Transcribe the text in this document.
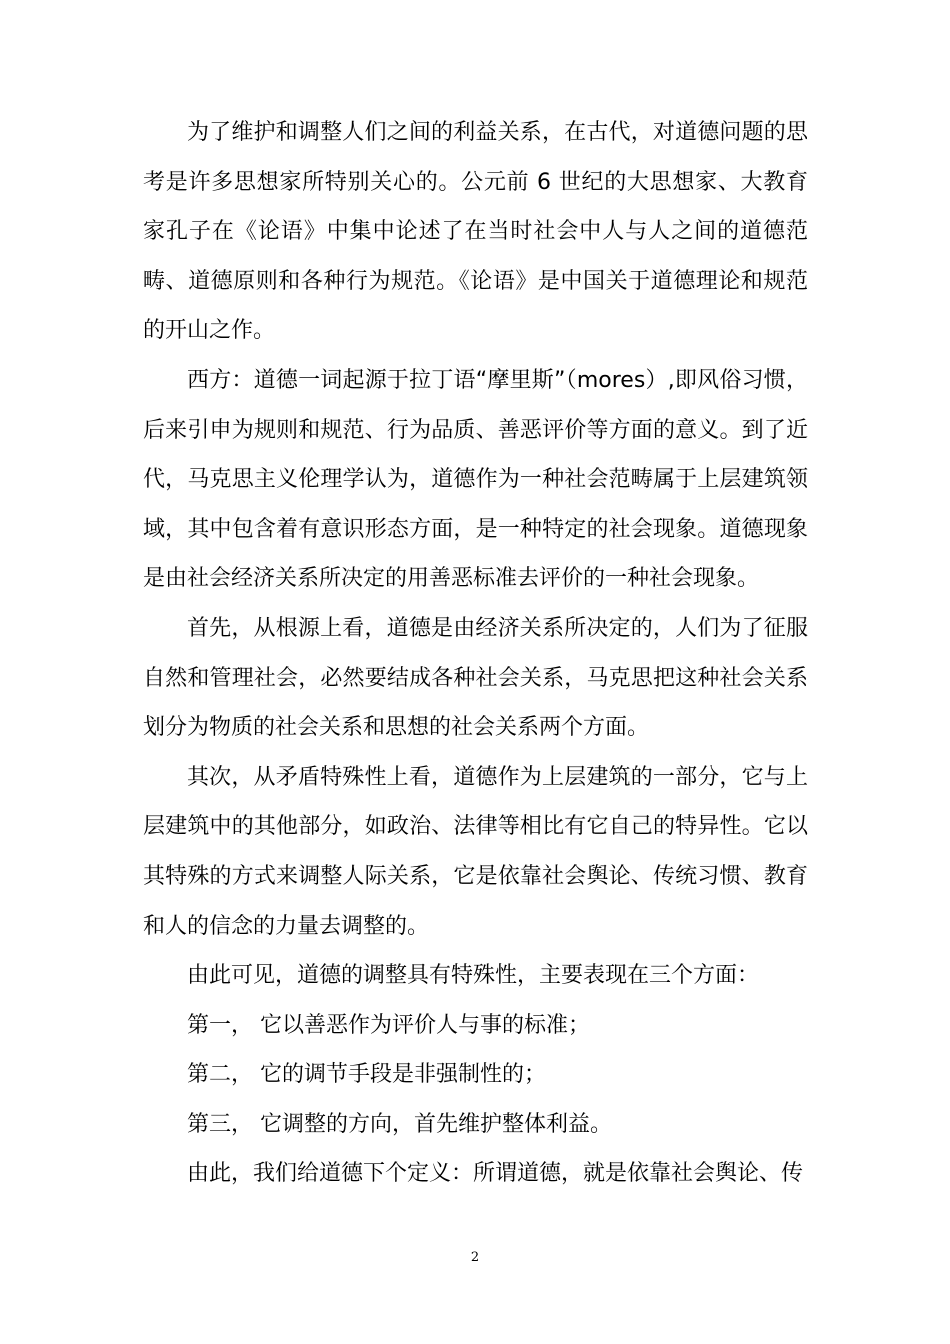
为了维护和调整人们之间的利益关系，在古代，对道德问题的思考是许多思想家所特别关心的。公元前 6 世纪的大思想家、大教育家孔子在《论语》中集中论述了在当时社会中人与人之间的道德范畴、道德原则和各种行为规范。《论语》是中国关于道德理论和规范的开山之作。

西方：道德一词起源于拉丁语“摩里斯”（mores）,即风俗习惯，后来引申为规则和规范、行为品质、善恶评价等方面的意义。到了近代，马克思主义伦理学认为，道德作为一种社会范畴属于上层建筑领域，其中包含着有意识形态方面，是一种特定的社会现象。道德现象是由社会经济关系所决定的用善恶标准去评价的一种社会现象。

首先，从根源上看，道德是由经济关系所决定的，人们为了征服自然和管理社会，必然要结成各种社会关系，马克思把这种社会关系划分为物质的社会关系和思想的社会关系两个方面。

其次，从矛盾特殊性上看，道德作为上层建筑的一部分，它与上层建筑中的其他部分，如政治、法律等相比有它自己的特异性。它以其特殊的方式来调整人际关系，它是依靠社会舆论、传统习惯、教育和人的信念的力量去调整的。

由此可见，道德的调整具有特殊性，主要表现在三个方面：

第一， 它以善恶作为评价人与事的标准；

第二， 它的调节手段是非强制性的；

第三， 它调整的方向，首先维护整体利益。

由此，我们给道德下个定义：所谓道德，就是依靠社会舆论、传

2
